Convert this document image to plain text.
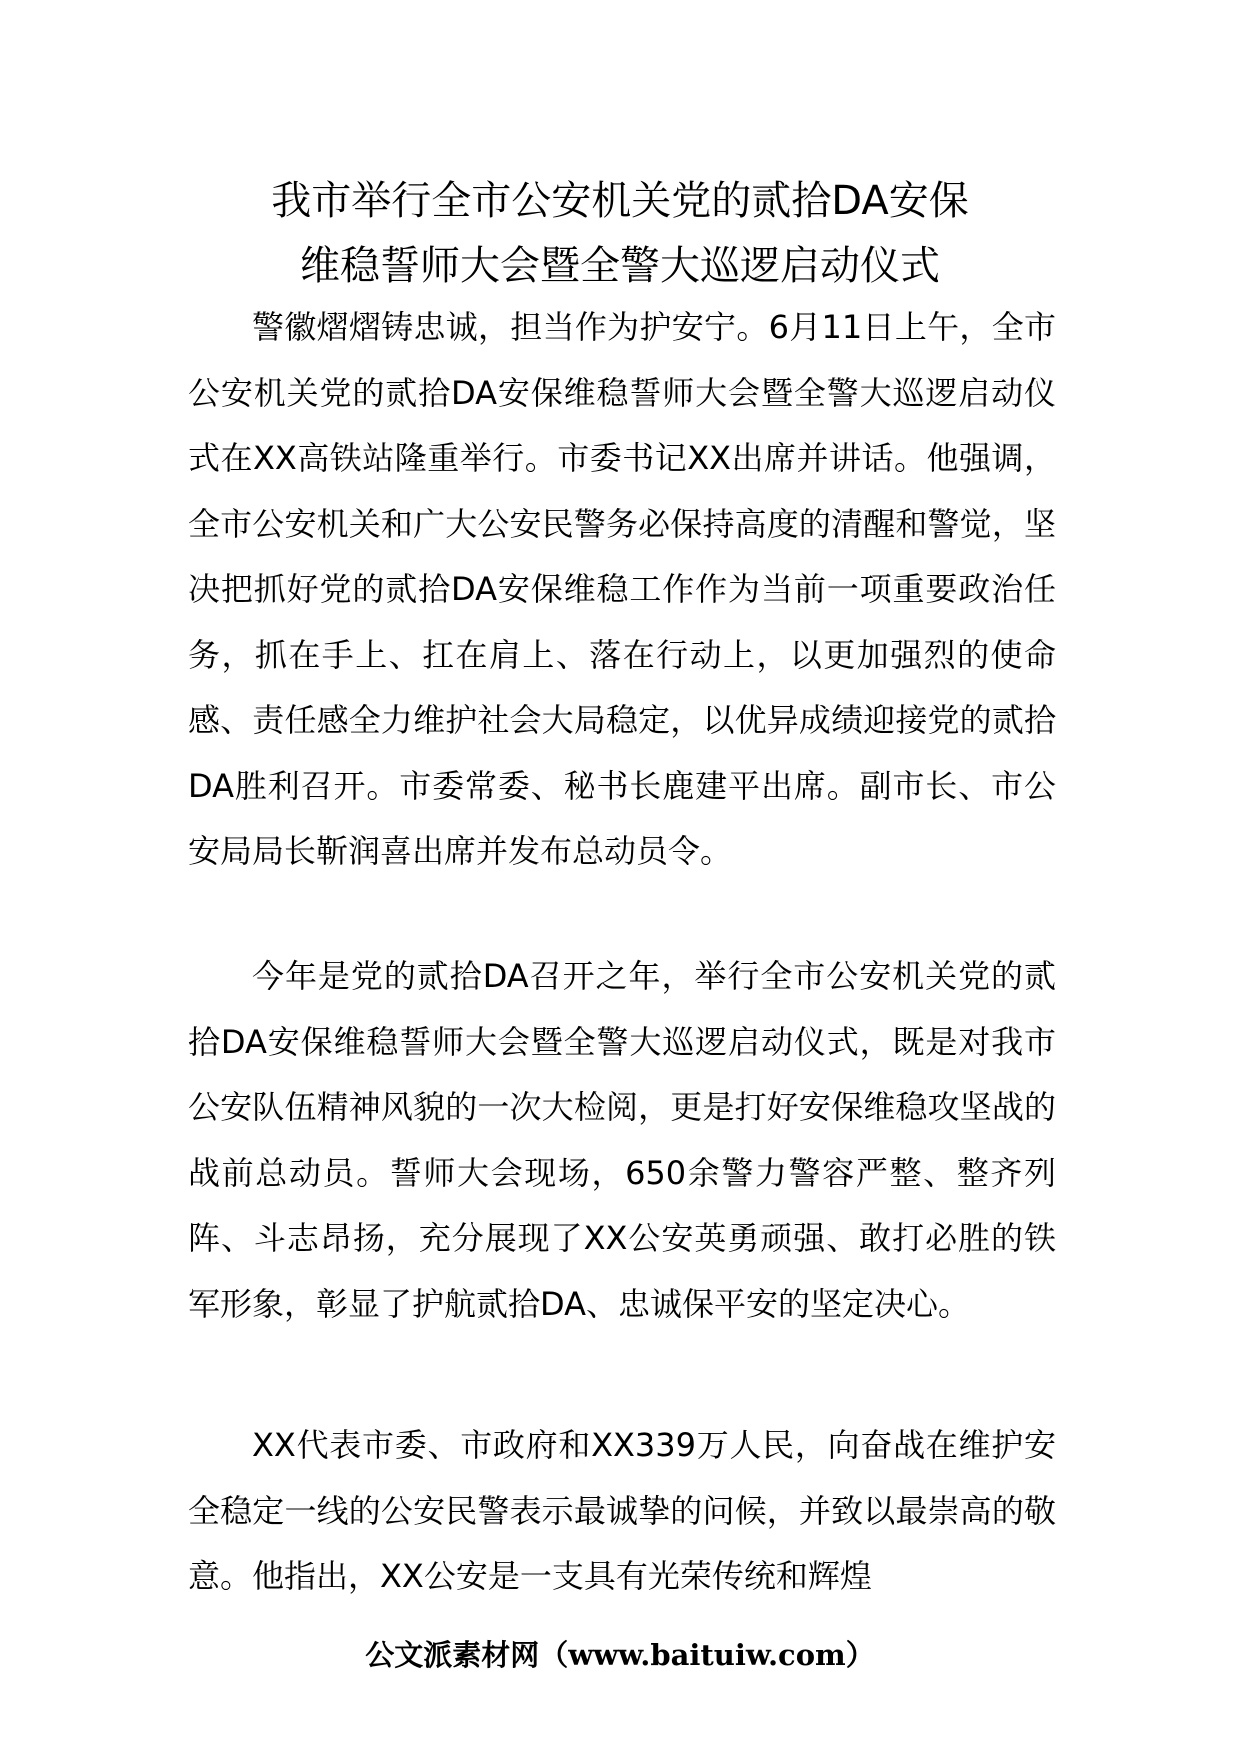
我市举行全市公安机关党的贰拾DA安保
维稳誓师大会暨全警大巡逻启动仪式

警徽熠熠铸忠诚，担当作为护安宁。6月11日上午，全市公安机关党的贰拾DA安保维稳誓师大会暨全警大巡逻启动仪式在XX高铁站隆重举行。市委书记XX出席并讲话。他强调，全市公安机关和广大公安民警务必保持高度的清醒和警觉，坚决把抓好党的贰拾DA安保维稳工作作为当前一项重要政治任务，抓在手上、扛在肩上、落在行动上，以更加强烈的使命感、责任感全力维护社会大局稳定，以优异成绩迎接党的贰拾DA胜利召开。市委常委、秘书长鹿建平出席。副市长、市公安局局长靳润喜出席并发布总动员令。

今年是党的贰拾DA召开之年，举行全市公安机关党的贰拾DA安保维稳誓师大会暨全警大巡逻启动仪式，既是对我市公安队伍精神风貌的一次大检阅，更是打好安保维稳攻坚战的战前总动员。誓师大会现场，650余警力警容严整、整齐列阵、斗志昂扬，充分展现了XX公安英勇顽强、敢打必胜的铁军形象，彰显了护航贰拾DA、忠诚保平安的坚定决心。

XX代表市委、市政府和XX339万人民，向奋战在维护安全稳定一线的公安民警表示最诚挚的问候，并致以最崇高的敬意。他指出，XX公安是一支具有光荣传统和辉煌

公文派素材网（www.baituiw.com）
